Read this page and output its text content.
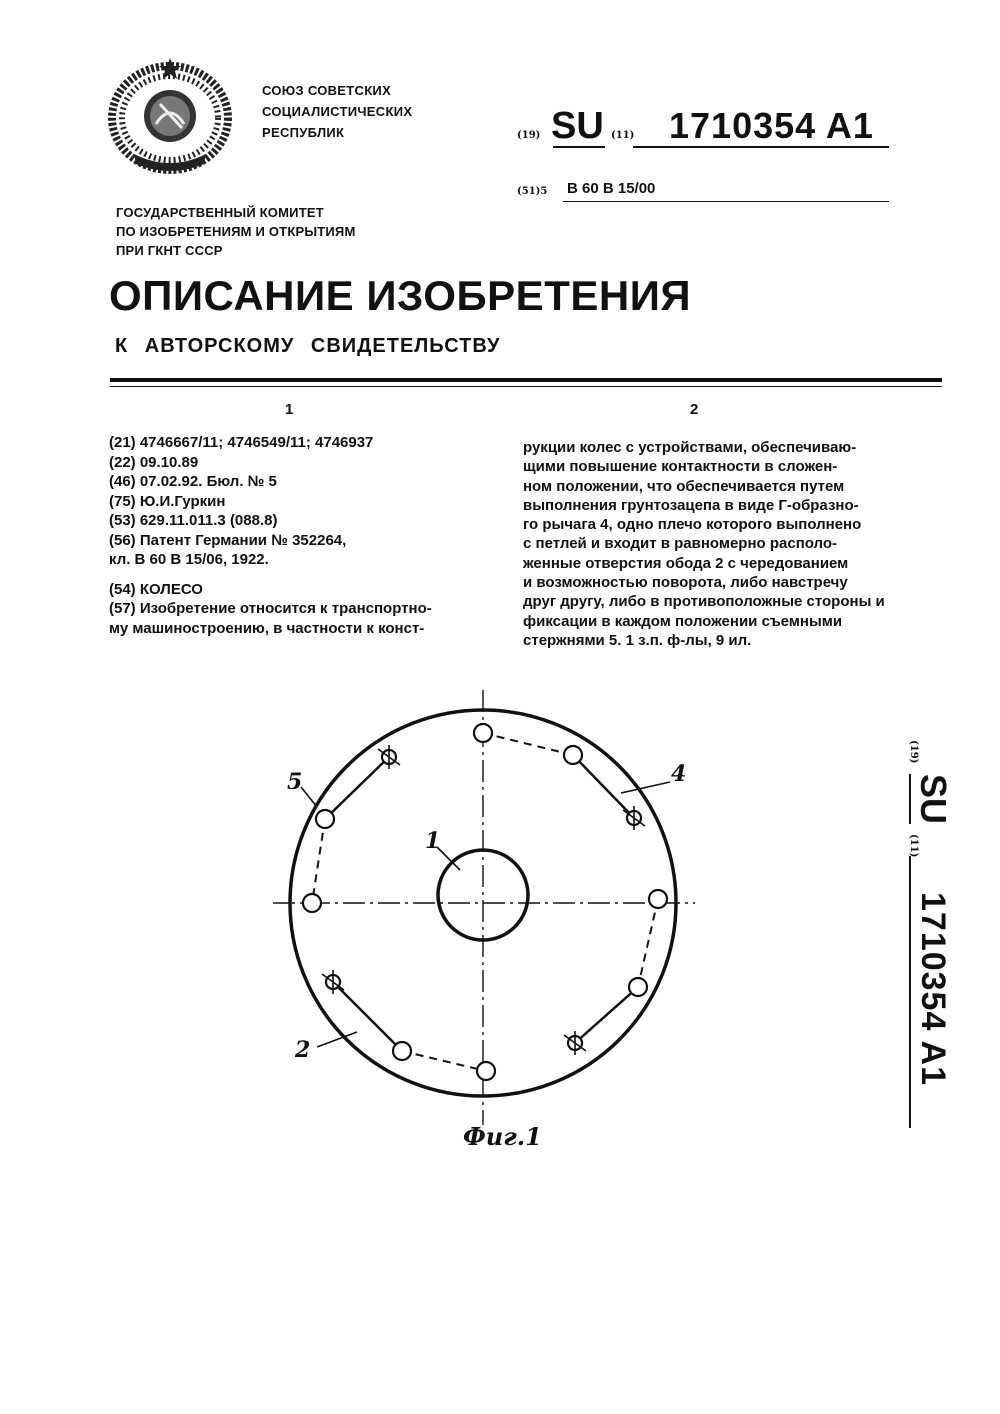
СОЮЗ СОВЕТСКИХ
СОЦИАЛИСТИЧЕСКИХ
РЕСПУБЛИК
ГОСУДАРСТВЕННЫЙ КОМИТЕТ
ПО ИЗОБРЕТЕНИЯМ И ОТКРЫТИЯМ
ПРИ ГКНТ СССР
(19) SU (11) 1710354 A1
(51)5 В 60 В 15/00
ОПИСАНИЕ ИЗОБРЕТЕНИЯ
К АВТОРСКОМУ СВИДЕТЕЛЬСТВУ
1	2
(21) 4746667/11; 4746549/11; 4746937
(22) 09.10.89
(46) 07.02.92. Бюл. № 5
(75) Ю.И.Гуркин
(53) 629.11.011.3 (088.8)
(56) Патент Германии № 352264,
кл. В 60 В 15/06, 1922.
(54) КОЛЕСО
(57) Изобретение относится к транспортно-
му машиностроению, в частности к конст-
рукции колес с устройствами, обеспечиваю-
щими повышение контактности в сложен-
ном положении, что обеспечивается путем
выполнения грунтозацепа в виде Г-образно-
го рычага 4, одно плечо которого выполнено
с петлей и входит в равномерно располо-
женные отверстия обода 2 с чередованием
и возможностью поворота, либо навстречу
друг другу, либо в противоположные стороны и
фиксации в каждом положении съемными
стержнями 5. 1 з.п. ф-лы, 9 ил.
1
2
4
5
Фиг.1
(19)
SU
(11)
1710354 A1
